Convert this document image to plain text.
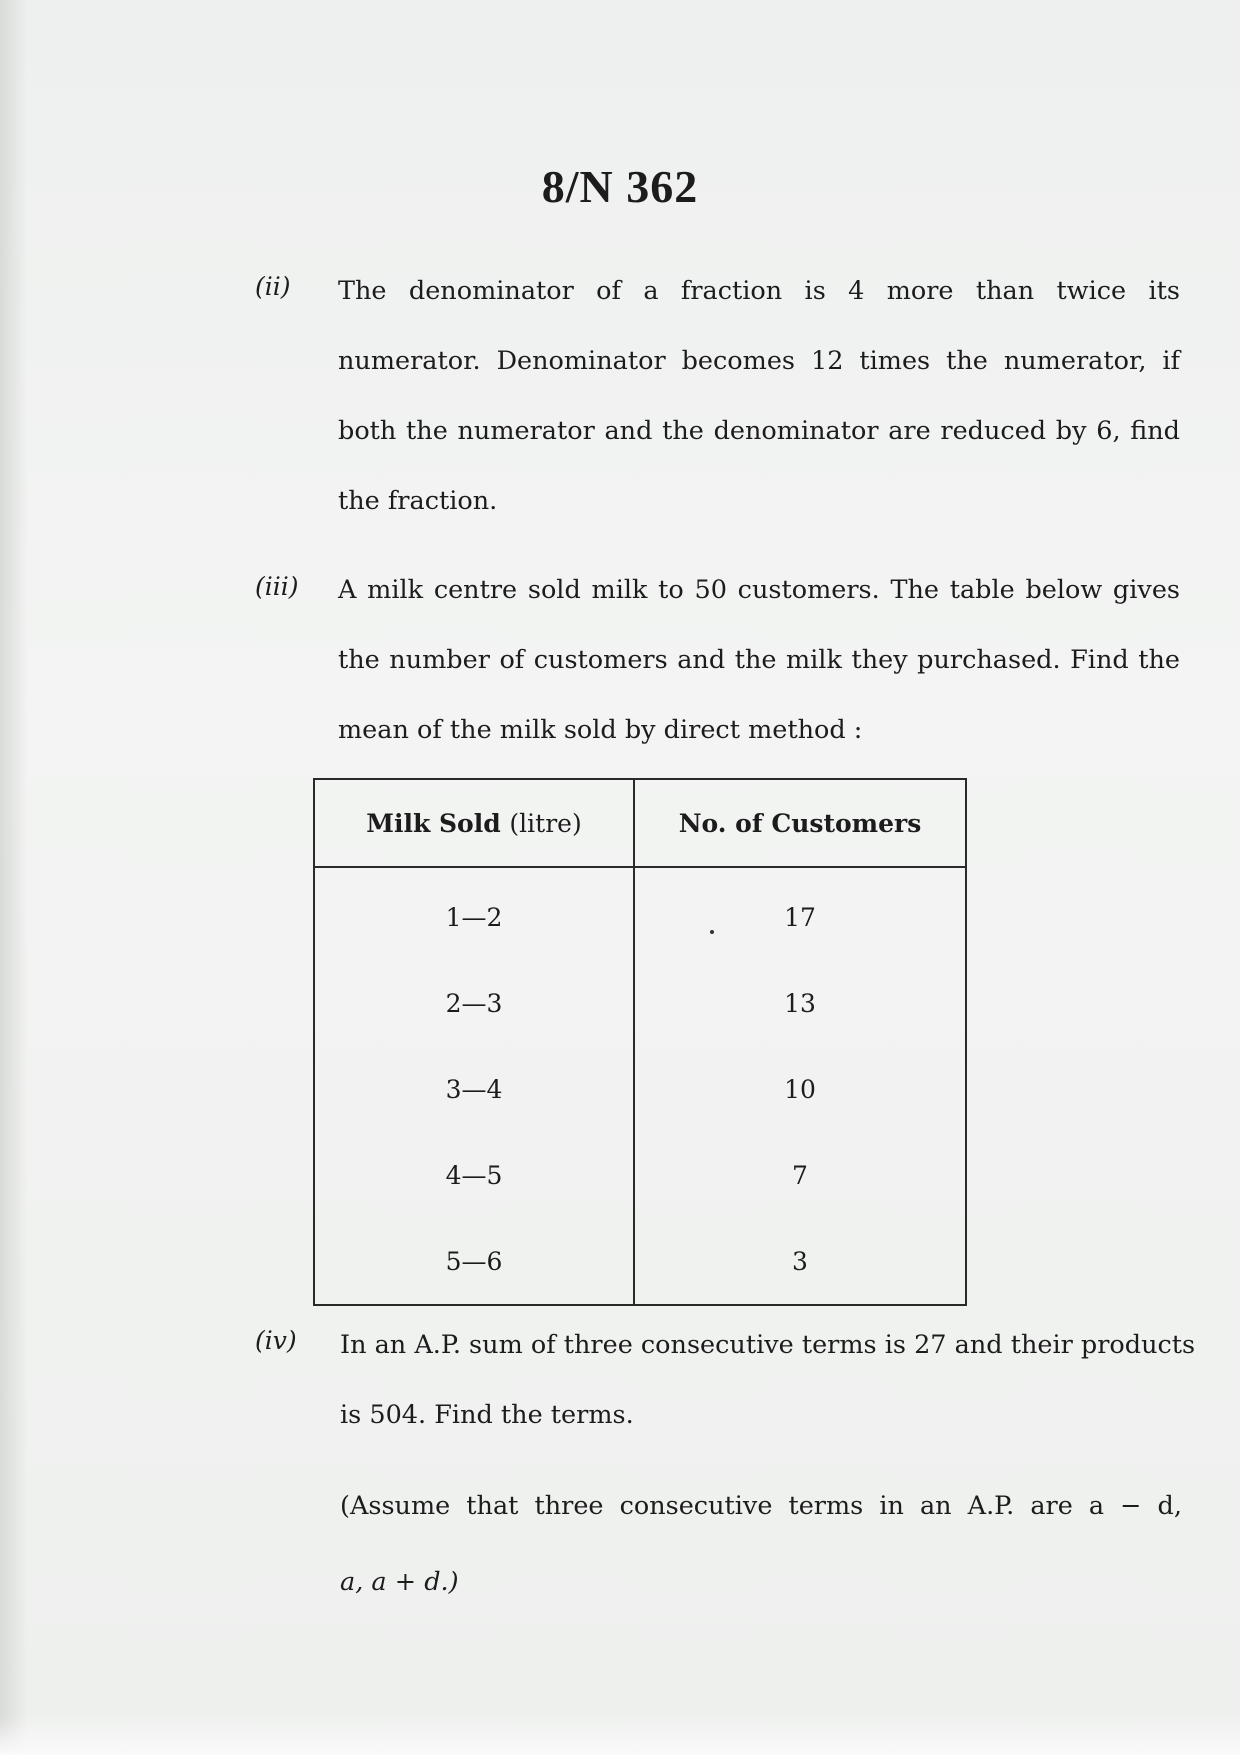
8/N 362
(ii) The denominator of a fraction is 4 more than twice its
numerator. Denominator becomes 12 times the numerator, if
both the numerator and the denominator are reduced by 6, find
the fraction.
(iii) A milk centre sold milk to 50 customers. The table below gives
the number of customers and the milk they purchased. Find the
mean of the milk sold by direct method :
Milk Sold (litre)	No. of Customers
1—2	17
2—3	13
3—4	10
4—5	7
5—6	3
(iv) In an A.P. sum of three consecutive terms is 27 and their products
is 504. Find the terms.
(Assume that three consecutive terms in an A.P. are a − d,
a, a + d.)
